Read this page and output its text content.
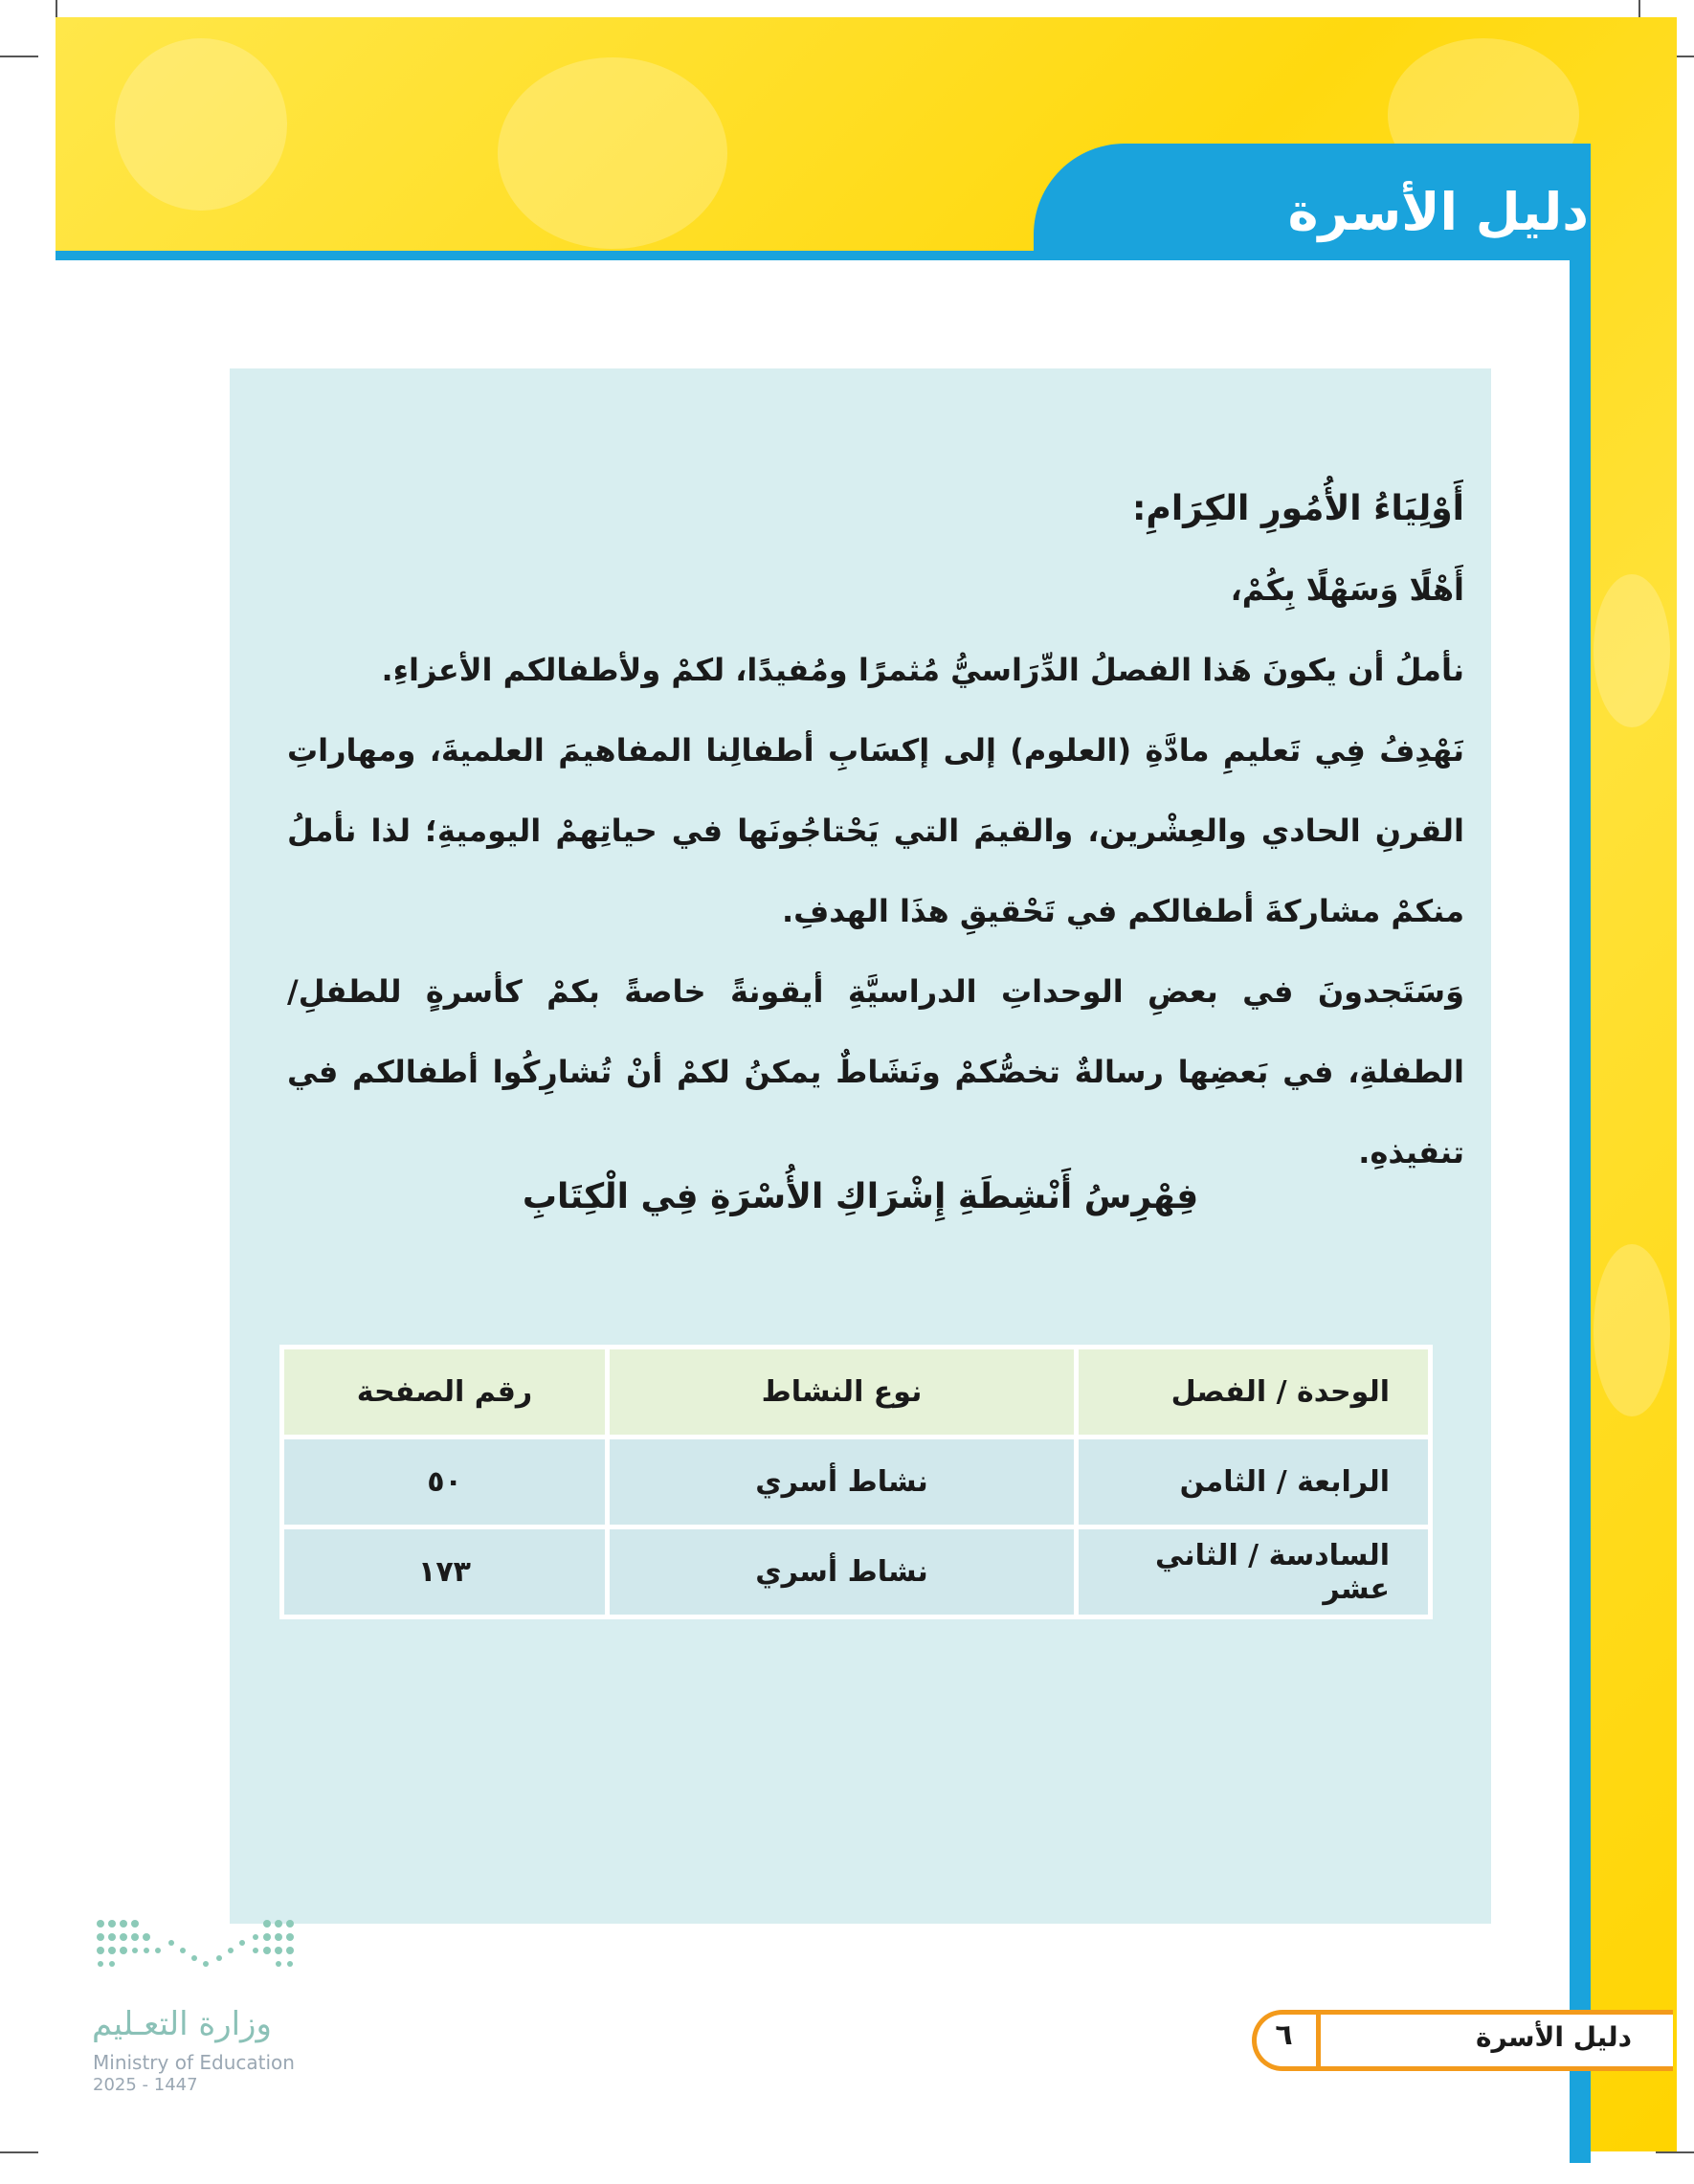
دليل الأسرة

أَوْلِيَاءُ الأُمُورِ الكِرَامِ:

أَهْلًا وَسَهْلًا بِكُمْ،

نأملُ أن يكونَ هَذا الفصلُ الدِّرَاسيُّ مُثمرًا ومُفيدًا، لكمْ ولأطفالكم الأعزاءِ.

نَهْدِفُ فِي تَعليمِ مادَّةِ (العلوم) إلى إكسَابِ أطفالِنا المفاهيمَ العلميةَ، ومهاراتِ القرنِ الحادي والعِشْرين، والقيمَ التي يَحْتاجُونَها في حياتِهمْ اليوميةِ؛ لذا نأملُ منكمْ مشاركةَ أطفالكم في تَحْقيقِ هذَا الهدفِ.

وَسَتَجدونَ في بعضِ الوحداتِ الدراسيَّةِ أيقونةً خاصةً بكمْ كأسرةٍ للطفلِ/ الطفلةِ، في بَعضِها رسالةٌ تخصُّكمْ ونَشَاطٌ يمكنُ لكمْ أنْ تُشارِكُوا أطفالكم في تنفيذهِ.

فِهْرِسُ أَنْشِطَةِ إِشْرَاكِ الأُسْرَةِ فِي الْكِتَابِ
الوحدة / الفصل	نوع النشاط	رقم الصفحة
الرابعة / الثامن	نشاط أسري	٥٠
السادسة / الثاني عشر	نشاط أسري	١٧٣
وزارة التعـليم
Ministry of Education
2025 - 1447
دليل الأسرة
٦
